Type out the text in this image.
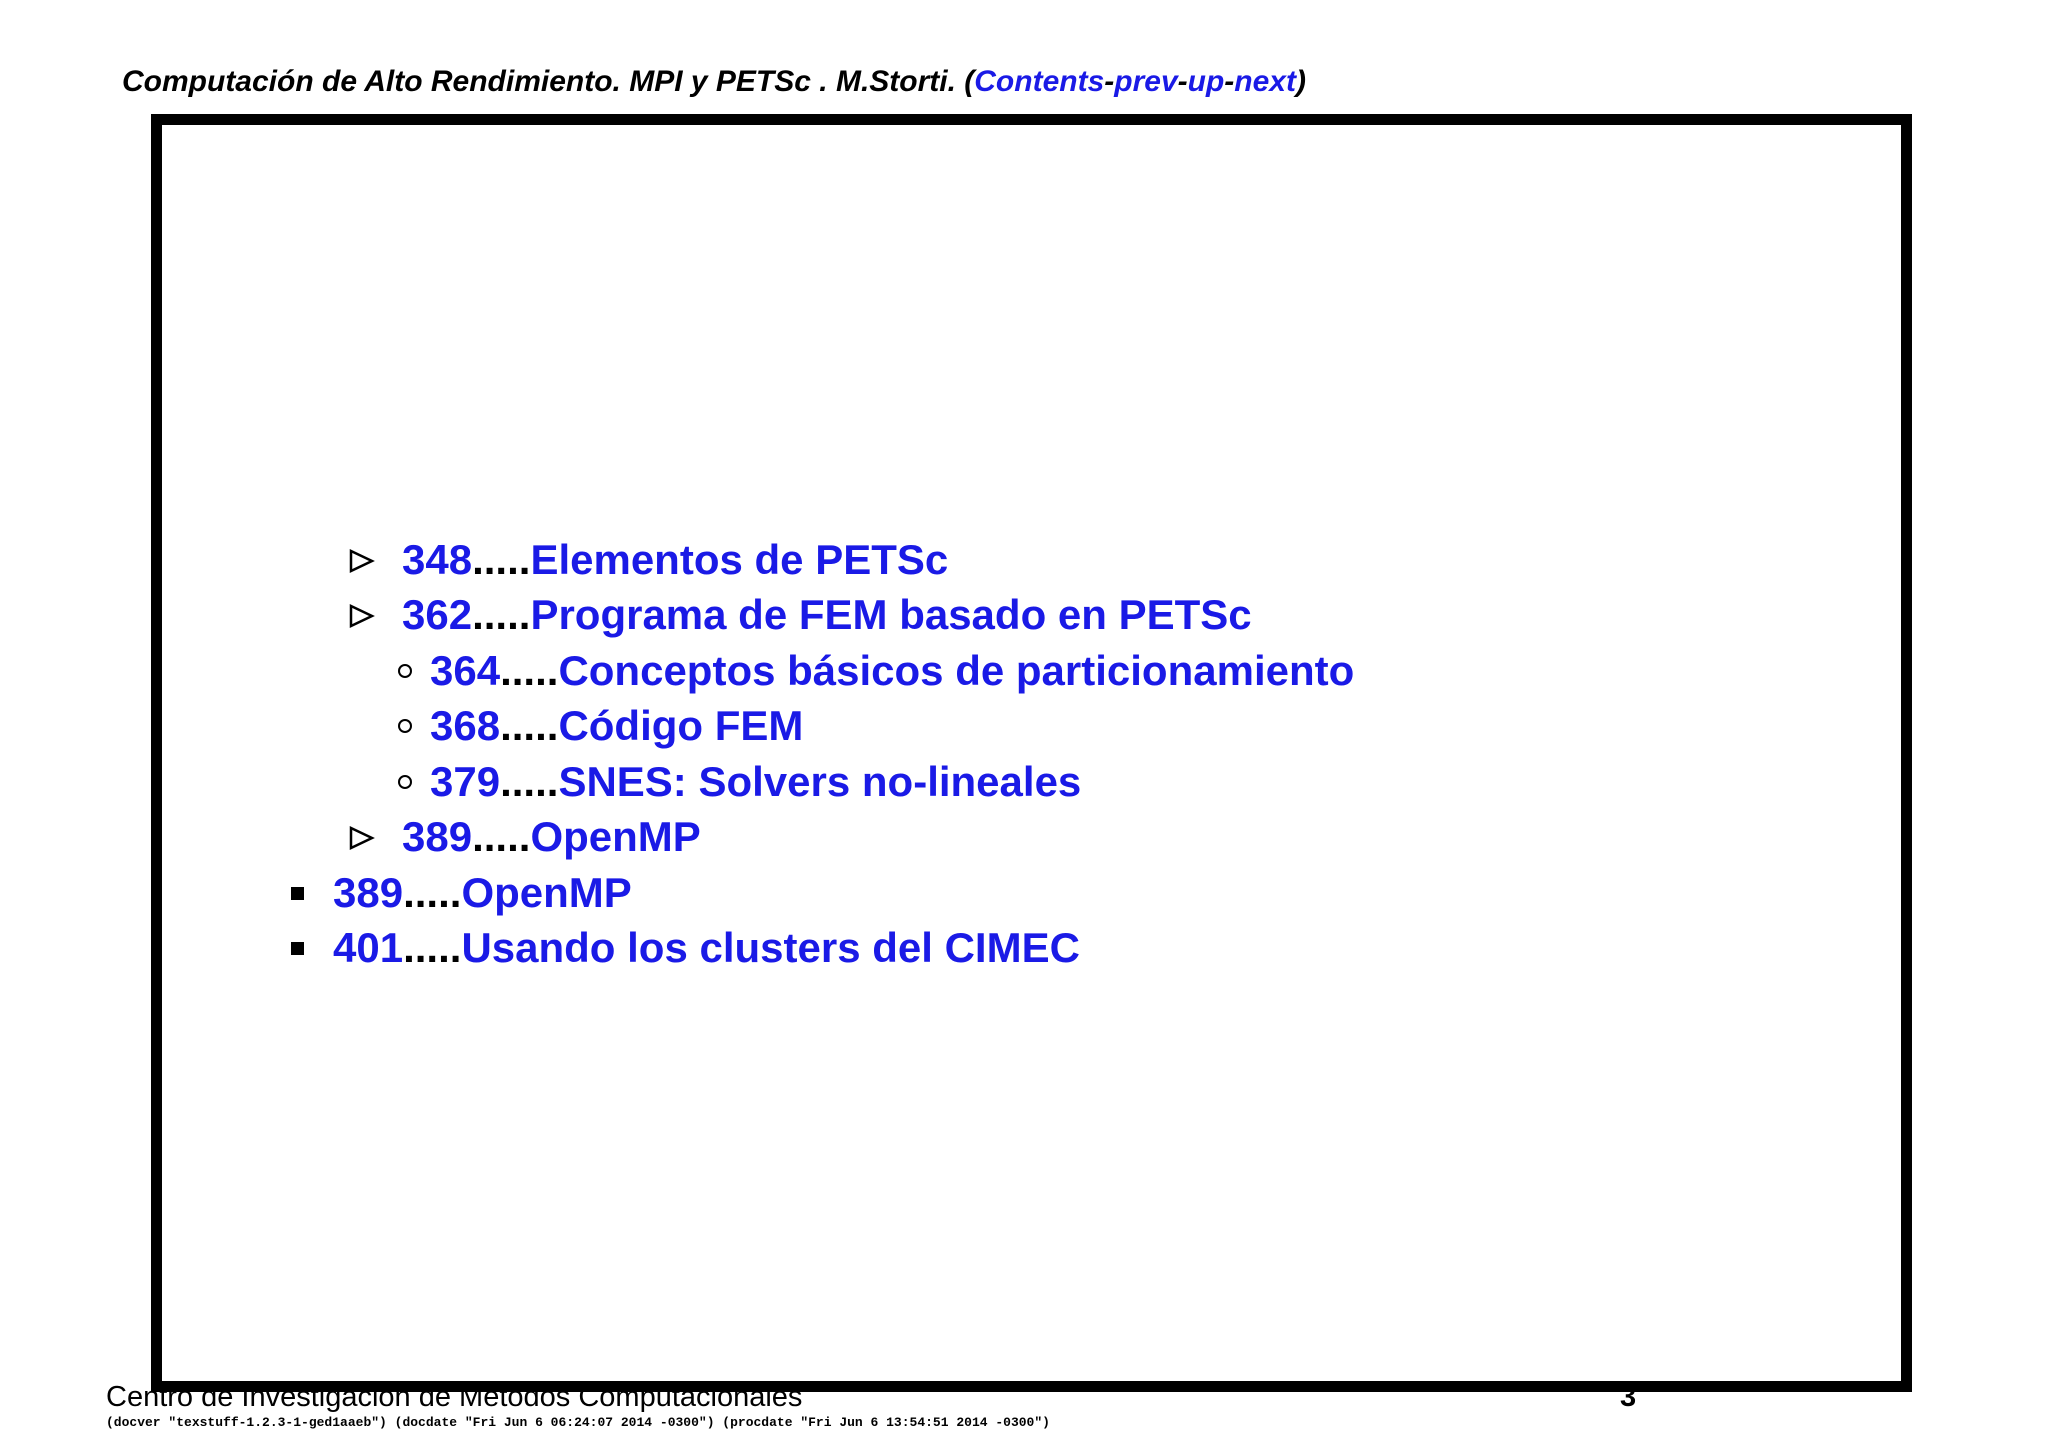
Computación de Alto Rendimiento. MPI y PETSc . M.Storti. (Contents-prev-up-next)
348 ..... Elementos de PETSc
362 ..... Programa de FEM basado en PETSc
364 ..... Conceptos básicos de particionamiento
368 ..... Código FEM
379 ..... SNES: Solvers no-lineales
389 ..... OpenMP
389 ..... OpenMP
401 ..... Usando los clusters del CIMEC
Centro de Investigación de Métodos Computacionales	3
(docver "texstuff-1.2.3-1-ged1aaeb") (docdate "Fri Jun 6 06:24:07 2014 -0300") (procdate "Fri Jun 6 13:54:51 2014 -0300")
